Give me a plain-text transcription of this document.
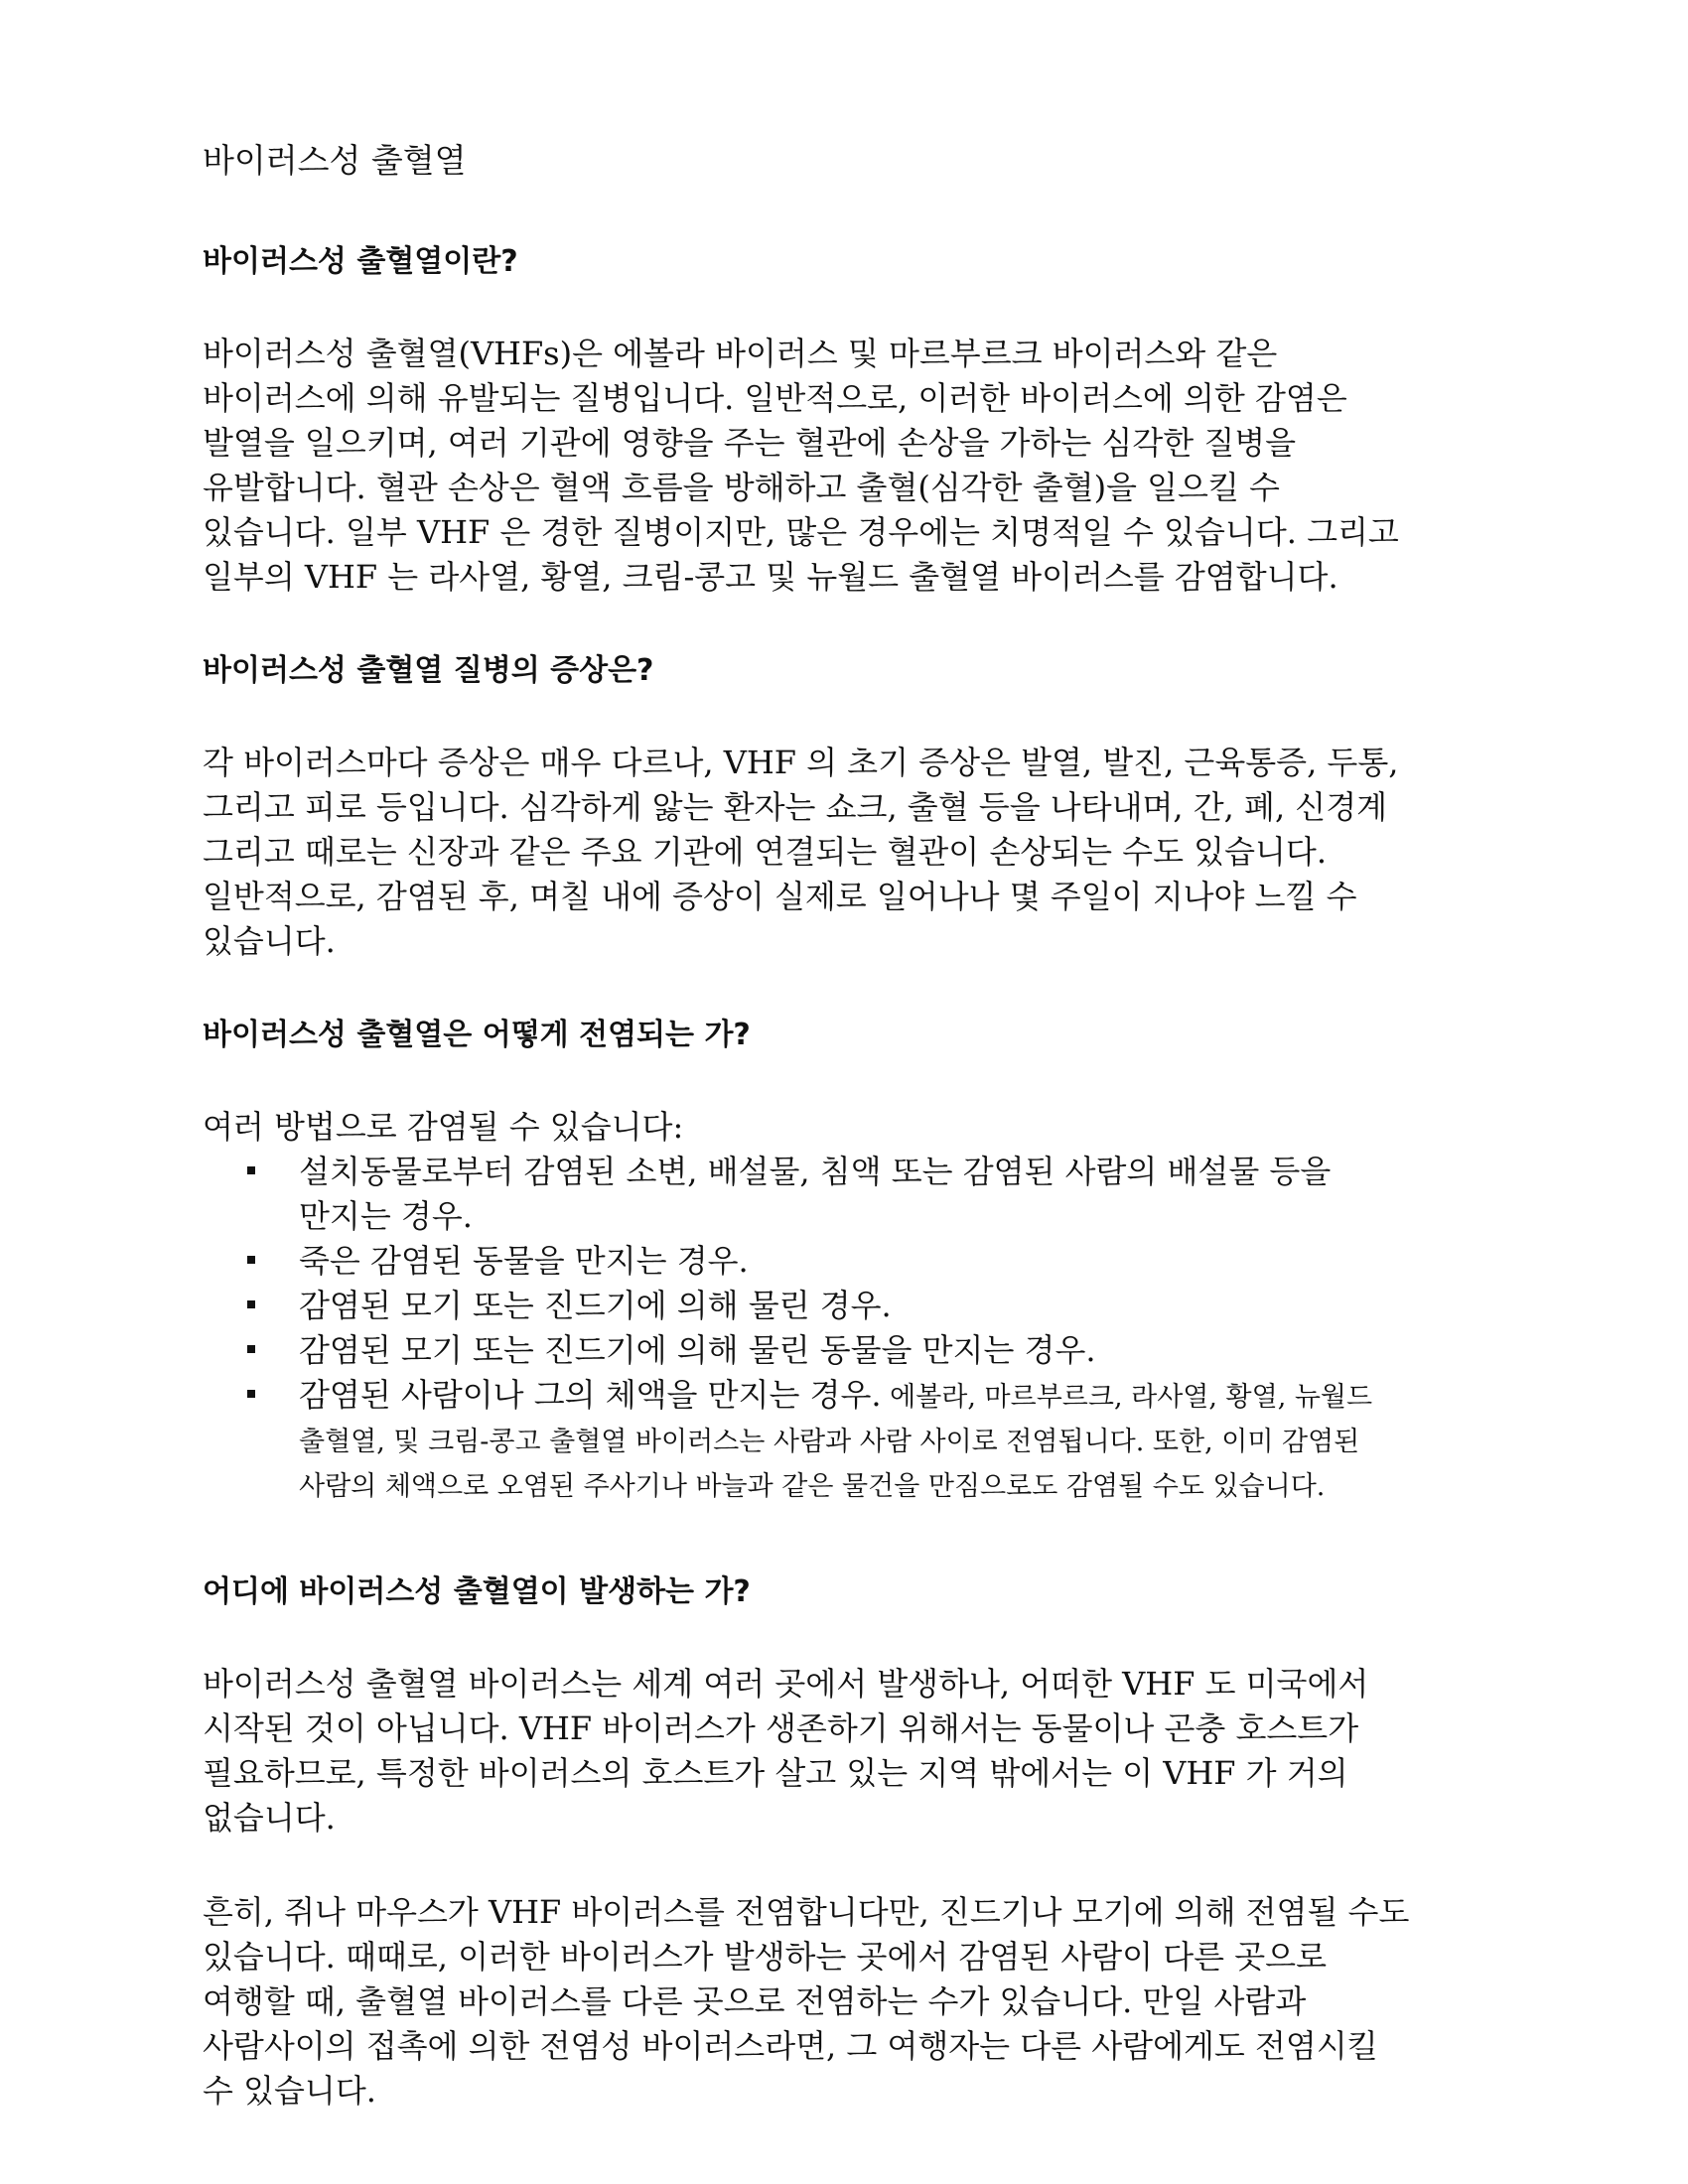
바이러스성 출혈열
바이러스성 출혈열이란?

바이러스성 출혈열(VHFs)은 에볼라 바이러스 및 마르부르크 바이러스와 같은
바이러스에 의해 유발되는 질병입니다. 일반적으로, 이러한 바이러스에 의한 감염은
발열을 일으키며, 여러 기관에 영향을 주는 혈관에 손상을 가하는 심각한 질병을
유발합니다. 혈관 손상은 혈액 흐름을 방해하고 출혈(심각한 출혈)을 일으킬 수
있습니다. 일부 VHF 은 경한 질병이지만, 많은 경우에는 치명적일 수 있습니다. 그리고
일부의 VHF 는 라사열, 황열, 크림-콩고 및 뉴월드 출혈열 바이러스를 감염합니다.

바이러스성 출혈열 질병의 증상은?

각 바이러스마다 증상은 매우 다르나, VHF 의 초기 증상은 발열, 발진, 근육통증, 두통,
그리고 피로 등입니다. 심각하게 앓는 환자는 쇼크, 출혈 등을 나타내며, 간, 폐, 신경계
그리고 때로는 신장과 같은 주요 기관에 연결되는 혈관이 손상되는 수도 있습니다.
일반적으로, 감염된 후, 며칠 내에 증상이 실제로 일어나나 몇 주일이 지나야 느낄 수
있습니다.

바이러스성 출혈열은 어떻게 전염되는 가?

여러 방법으로 감염될 수 있습니다:

설치동물로부터 감염된 소변, 배설물, 침액 또는 감염된 사람의 배설물 등을
만지는 경우.
죽은 감염된 동물을 만지는 경우.
감염된 모기 또는 진드기에 의해 물린 경우.
감염된 모기 또는 진드기에 의해 물린 동물을 만지는 경우.
감염된 사람이나 그의 체액을 만지는 경우. 에볼라, 마르부르크, 라사열, 황열, 뉴월드
출혈열, 및 크림-콩고 출혈열 바이러스는 사람과 사람 사이로 전염됩니다. 또한, 이미 감염된
사람의 체액으로 오염된 주사기나 바늘과 같은 물건을 만짐으로도 감염될 수도 있습니다.
어디에 바이러스성 출혈열이 발생하는 가?

바이러스성 출혈열 바이러스는 세계 여러 곳에서 발생하나, 어떠한 VHF 도 미국에서
시작된 것이 아닙니다. VHF 바이러스가 생존하기 위해서는 동물이나 곤충 호스트가
필요하므로, 특정한 바이러스의 호스트가 살고 있는 지역 밖에서는 이 VHF 가 거의
없습니다.

흔히, 쥐나 마우스가 VHF 바이러스를 전염합니다만, 진드기나 모기에 의해 전염될 수도
있습니다. 때때로, 이러한 바이러스가 발생하는 곳에서 감염된 사람이 다른 곳으로
여행할 때, 출혈열 바이러스를 다른 곳으로 전염하는 수가 있습니다. 만일 사람과
사람사이의 접촉에 의한 전염성 바이러스라면, 그 여행자는 다른 사람에게도 전염시킬
수 있습니다.
